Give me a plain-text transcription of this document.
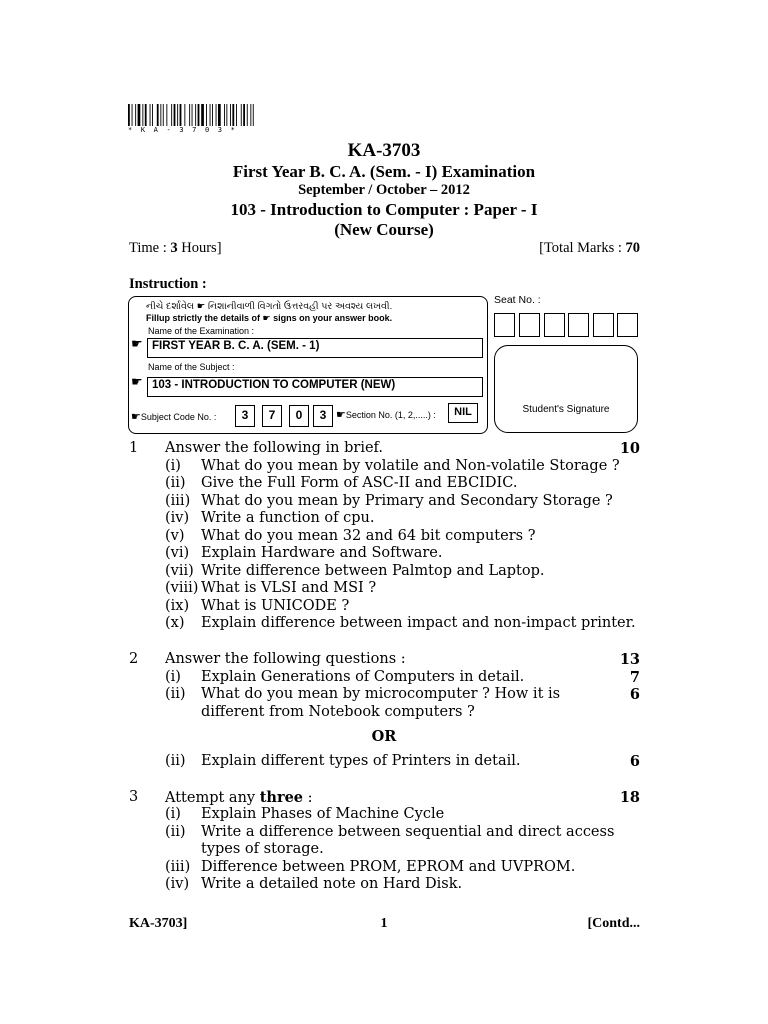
* K A - 3 7 0 3 *
KA-3703
First Year B. C. A. (Sem. - I) Examination
September / October – 2012
103 - Introduction to Computer : Paper - I
(New Course)
Time : 3 Hours]	[Total Marks : 70
Instruction :
નીચે દર્શાવેલ ☛ નિશાનીવાળી વિગતો ઉત્તરવહી પર અવશ્ય લખવી.
Fillup strictly the details of ☛ signs on your answer book.
Name of the Examination :
☛ FIRST YEAR B. C. A. (SEM. - 1)
Name of the Subject :
☛ 103 - INTRODUCTION TO COMPUTER (NEW)
☛Subject Code No. :	3	7	0	3 ☛Section No. (1, 2,.....) :	NIL
Seat No. :
Student's Signature
1 Answer the following in brief.	10
(i) What do you mean by volatile and Non-volatile Storage ?
(ii) Give the Full Form of ASC-II and EBCIDIC.
(iii) What do you mean by Primary and Secondary Storage ?
(iv) Write a function of cpu.
(v) What do you mean 32 and 64 bit computers ?
(vi) Explain Hardware and Software.
(vii) Write difference between Palmtop and Laptop.
(viii) What is VLSI and MSI ?
(ix) What is UNICODE ?
(x) Explain difference between impact and non-impact printer.
2 Answer the following questions :	13
(i) Explain Generations of Computers in detail.	7
(ii) What do you mean by microcomputer ? How it is	6
different from Notebook computers ?
OR
(ii) Explain different types of Printers in detail.	6
3 Attempt any three :	18
(i) Explain Phases of Machine Cycle
(ii) Write a difference between sequential and direct access
types of storage.
(iii) Difference between PROM, EPROM and UVPROM.
(iv) Write a detailed note on Hard Disk.
KA-3703]	1	[Contd...
